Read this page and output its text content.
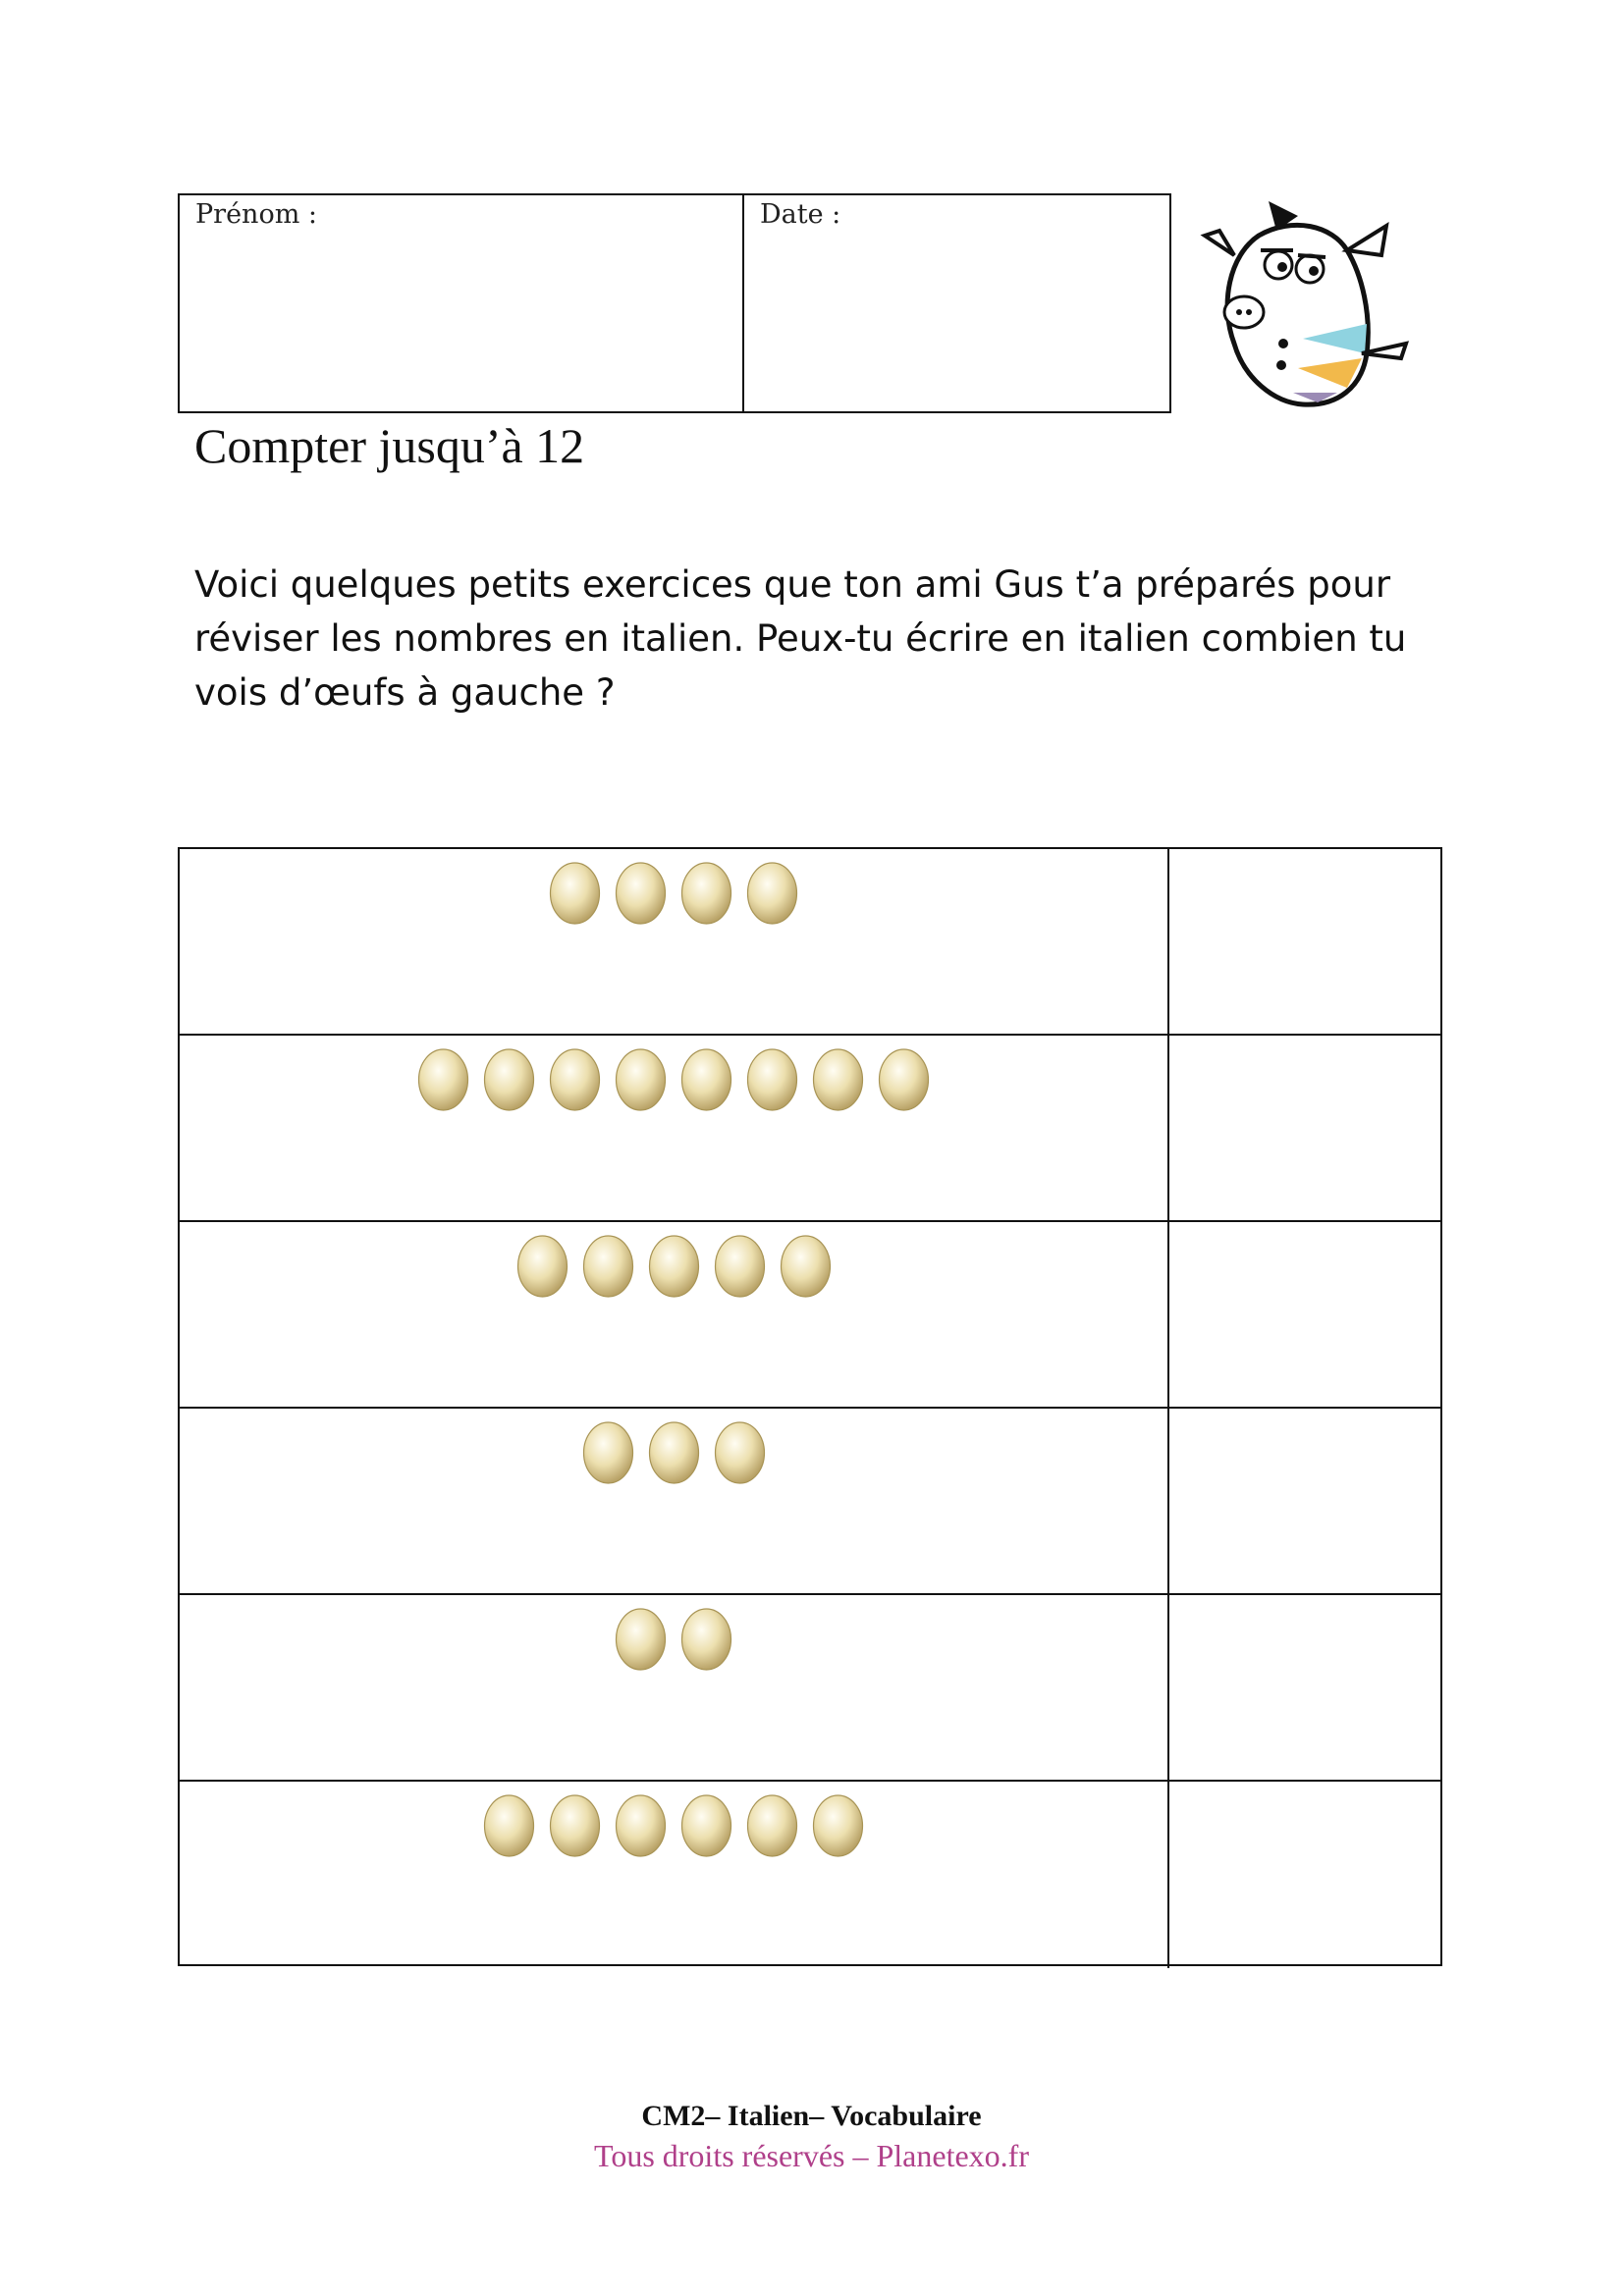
Prénom :	Date :
Compter jusqu’à 12
Voici quelques petits exercices que ton ami Gus t’a préparés pour réviser les nombres en italien. Peux-tu écrire en italien combien tu vois d’œufs à gauche ?
CM2– Italien– Vocabulaire
Tous droits réservés – Planetexo.fr
